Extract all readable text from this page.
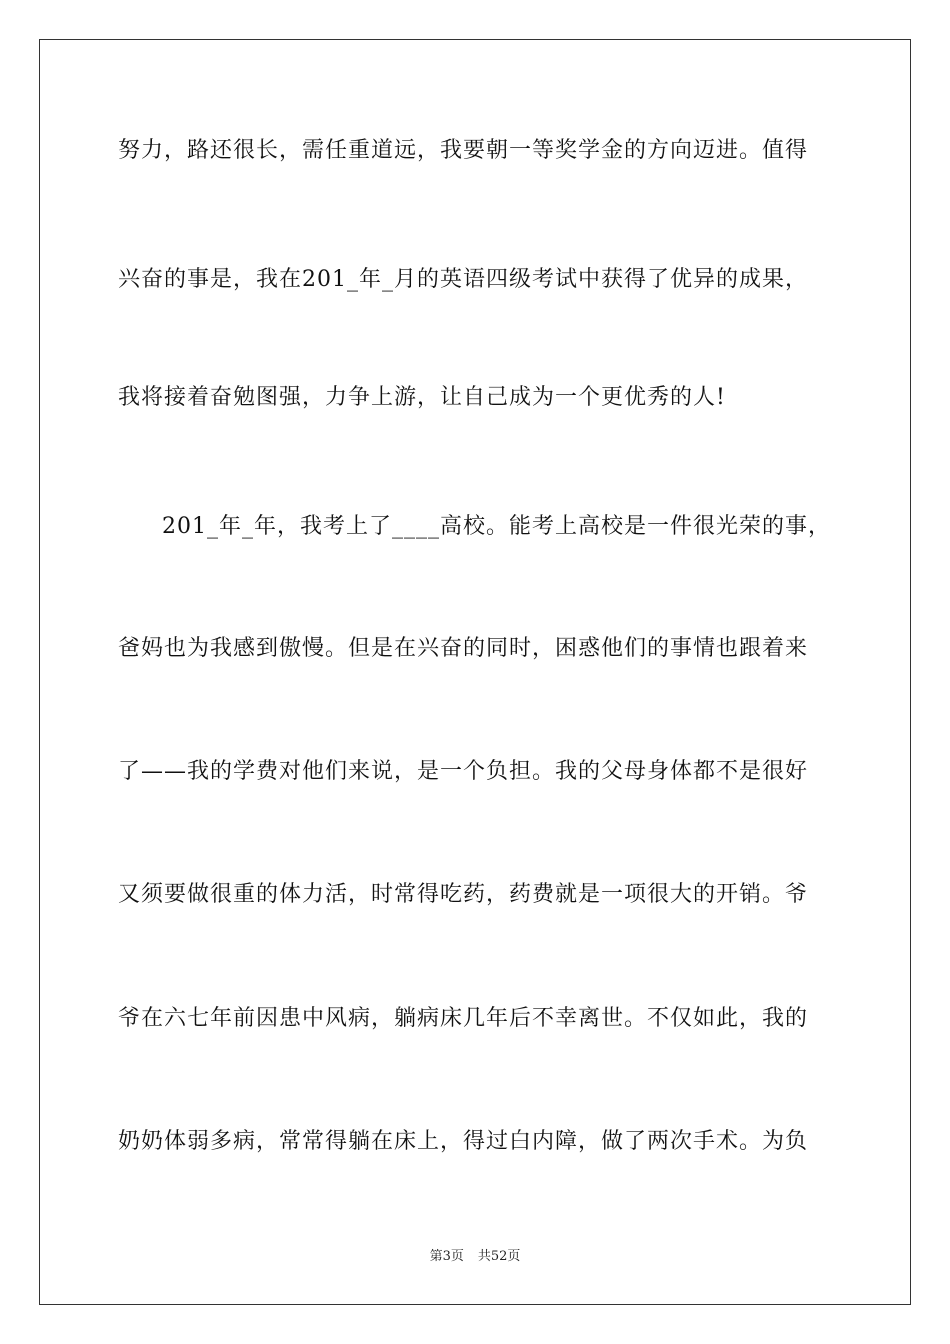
努力，路还很长，需任重道远，我要朝一等奖学金的方向迈进。值得
兴奋的事是，我在201_年_月的英语四级考试中获得了优异的成果，
我将接着奋勉图强，力争上游，让自己成为一个更优秀的人!
201_年_年，我考上了____高校。能考上高校是一件很光荣的事，
爸妈也为我感到傲慢。但是在兴奋的同时，困惑他们的事情也跟着来
了——我的学费对他们来说，是一个负担。我的父母身体都不是很好
又须要做很重的体力活，时常得吃药，药费就是一项很大的开销。爷
爷在六七年前因患中风病，躺病床几年后不幸离世。不仅如此，我的
奶奶体弱多病，常常得躺在床上，得过白内障，做了两次手术。为负
第3页 共52页
